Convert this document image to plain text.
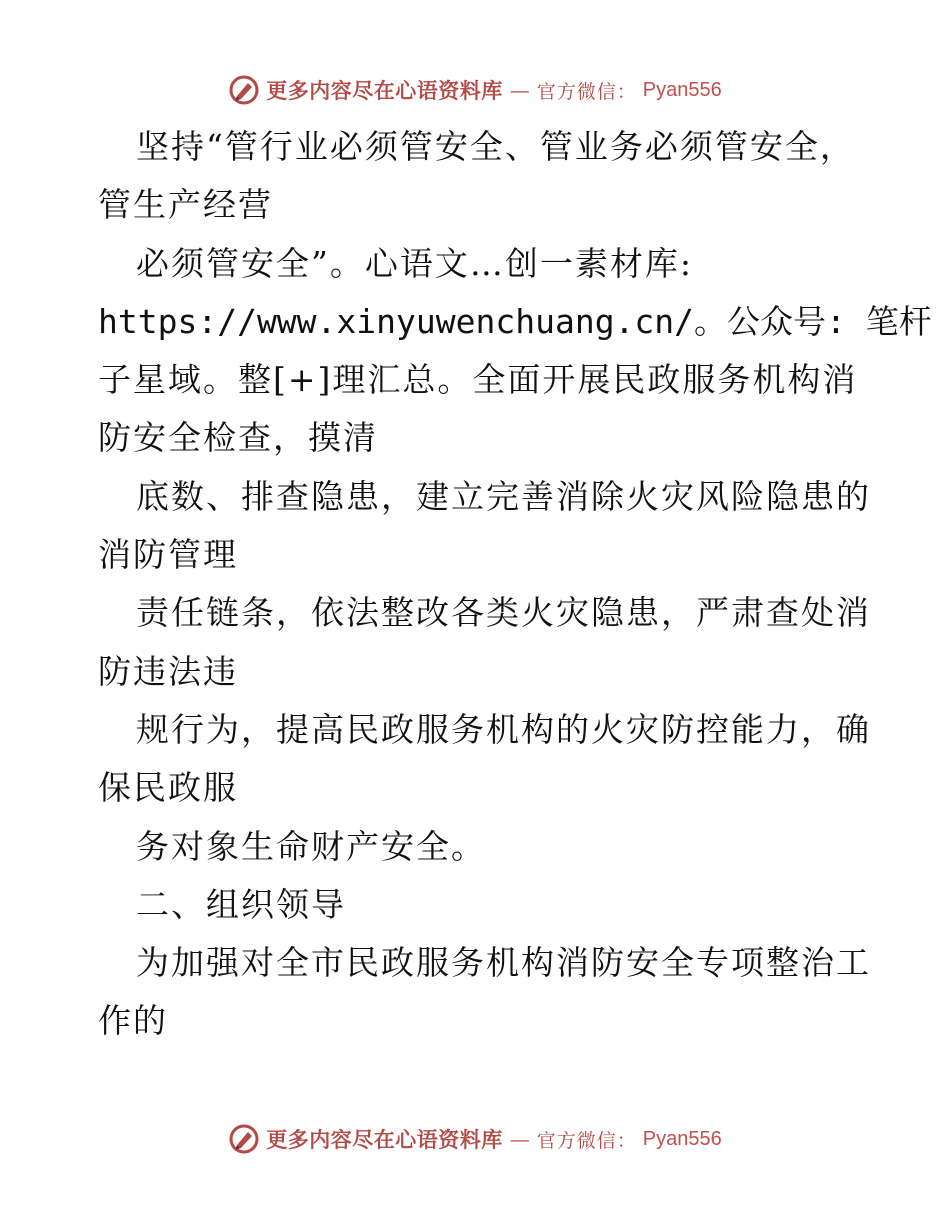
更多内容尽在心语资料库 — 官方微信： Pyan556
坚持“管行业必须管安全、管业务必须管安全，
管生产经营
必须管安全”。心语文…创一素材库:
https://www.xinyuwenchuang.cn/。公众号: 笔杆
子星域。整[+]理汇总。全面开展民政服务机构消
防安全检查，摸清
底数、排查隐患，建立完善消除火灾风险隐患的
消防管理
责任链条，依法整改各类火灾隐患，严肃查处消
防违法违
规行为，提高民政服务机构的火灾防控能力，确
保民政服
务对象生命财产安全。
二、组织领导
为加强对全市民政服务机构消防安全专项整治工
作的
更多内容尽在心语资料库 — 官方微信： Pyan556
